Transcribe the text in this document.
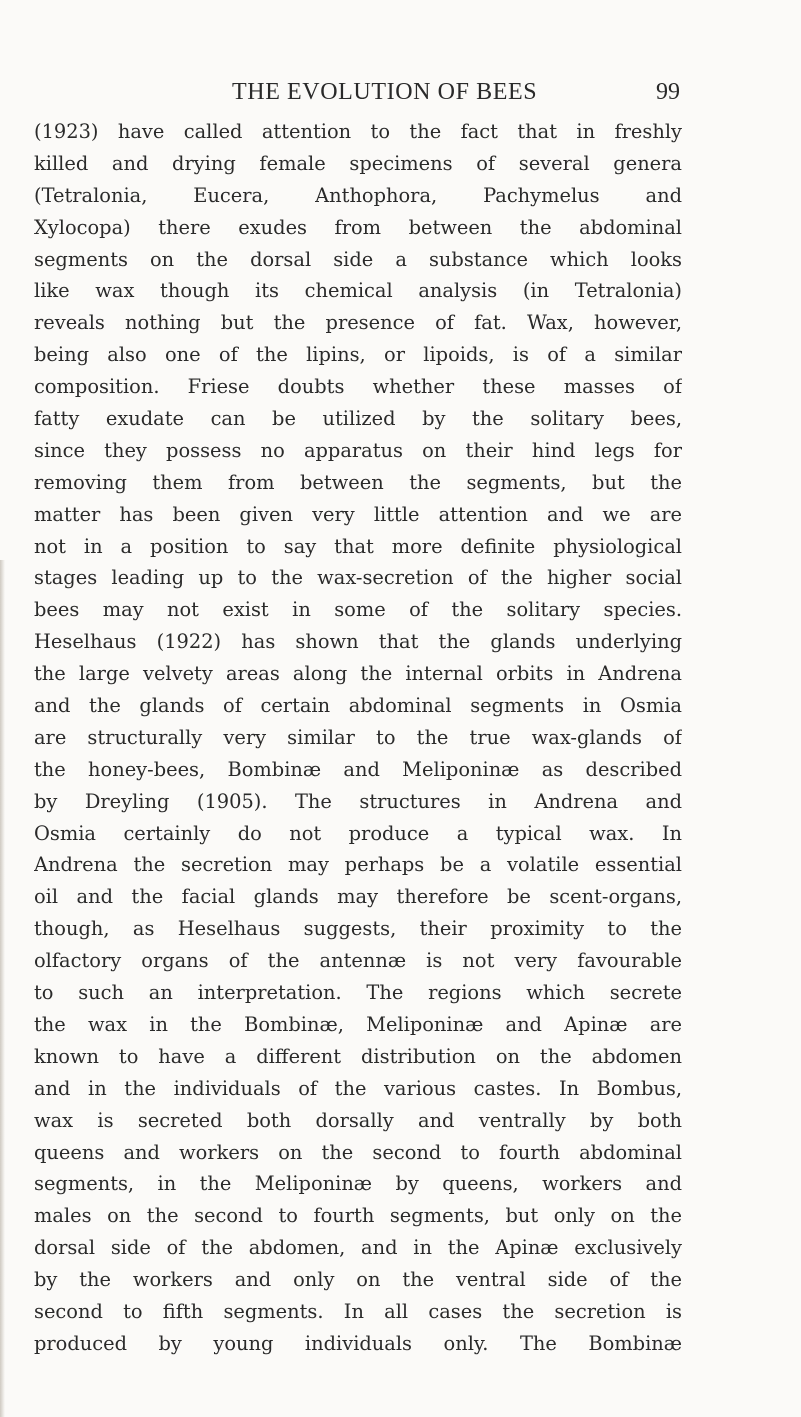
THE EVOLUTION OF BEES	99
(1923) have called attention to the fact that in freshly
killed and drying female specimens of several genera
(Tetralonia, Eucera, Anthophora, Pachymelus and
Xylocopa) there exudes from between the abdominal
segments on the dorsal side a substance which looks
like wax though its chemical analysis (in Tetralonia)
reveals nothing but the presence of fat. Wax, however,
being also one of the lipins, or lipoids, is of a similar
composition. Friese doubts whether these masses of
fatty exudate can be utilized by the solitary bees,
since they possess no apparatus on their hind legs for
removing them from between the segments, but the
matter has been given very little attention and we are
not in a position to say that more definite physiological
stages leading up to the wax-secretion of the higher social
bees may not exist in some of the solitary species.
Heselhaus (1922) has shown that the glands underlying
the large velvety areas along the internal orbits in Andrena
and the glands of certain abdominal segments in Osmia
are structurally very similar to the true wax-glands of
the honey-bees, Bombinæ and Meliponinæ as described
by Dreyling (1905). The structures in Andrena and
Osmia certainly do not produce a typical wax. In
Andrena the secretion may perhaps be a volatile essential
oil and the facial glands may therefore be scent-organs,
though, as Heselhaus suggests, their proximity to the
olfactory organs of the antennæ is not very favourable
to such an interpretation. The regions which secrete
the wax in the Bombinæ, Meliponinæ and Apinæ are
known to have a different distribution on the abdomen
and in the individuals of the various castes. In Bombus,
wax is secreted both dorsally and ventrally by both
queens and workers on the second to fourth abdominal
segments, in the Meliponinæ by queens, workers and
males on the second to fourth segments, but only on the
dorsal side of the abdomen, and in the Apinæ exclusively
by the workers and only on the ventral side of the
second to fifth segments. In all cases the secretion is
produced by young individuals only. The Bombinæ
